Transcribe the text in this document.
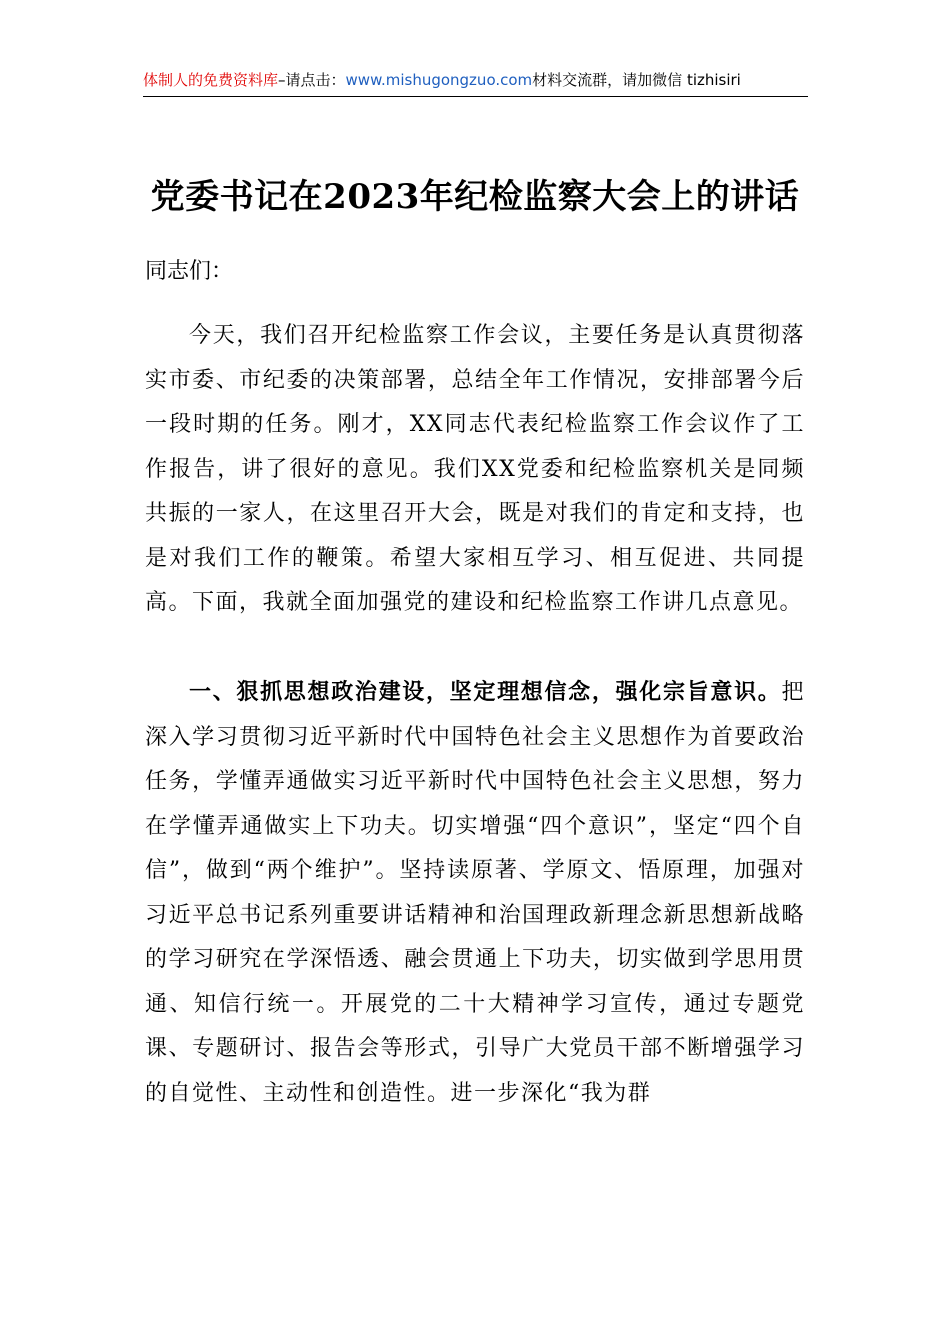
体制人的免费资料库–请点击：www.mishugongzuo.com材料交流群，请加微信 tizhisiri
党委书记在2023年纪检监察大会上的讲话
同志们：

今天，我们召开纪检监察工作会议，主要任务是认真贯彻落实市委、市纪委的决策部署，总结全年工作情况，安排部署今后一段时期的任务。刚才，XX同志代表纪检监察工作会议作了工作报告，讲了很好的意见。我们XX党委和纪检监察机关是同频共振的一家人，在这里召开大会，既是对我们的肯定和支持，也是对我们工作的鞭策。希望大家相互学习、相互促进、共同提高。下面，我就全面加强党的建设和纪检监察工作讲几点意见。

一、狠抓思想政治建设，坚定理想信念，强化宗旨意识。把深入学习贯彻习近平新时代中国特色社会主义思想作为首要政治任务，学懂弄通做实习近平新时代中国特色社会主义思想，努力在学懂弄通做实上下功夫。切实增强“四个意识”，坚定“四个自信”，做到“两个维护”。坚持读原著、学原文、悟原理，加强对习近平总书记系列重要讲话精神和治国理政新理念新思想新战略的学习研究在学深悟透、融会贯通上下功夫，切实做到学思用贯通、知信行统一。开展党的二十大精神学习宣传，通过专题党课、专题研讨、报告会等形式，引导广大党员干部不断增强学习的自觉性、主动性和创造性。进一步深化“我为群
